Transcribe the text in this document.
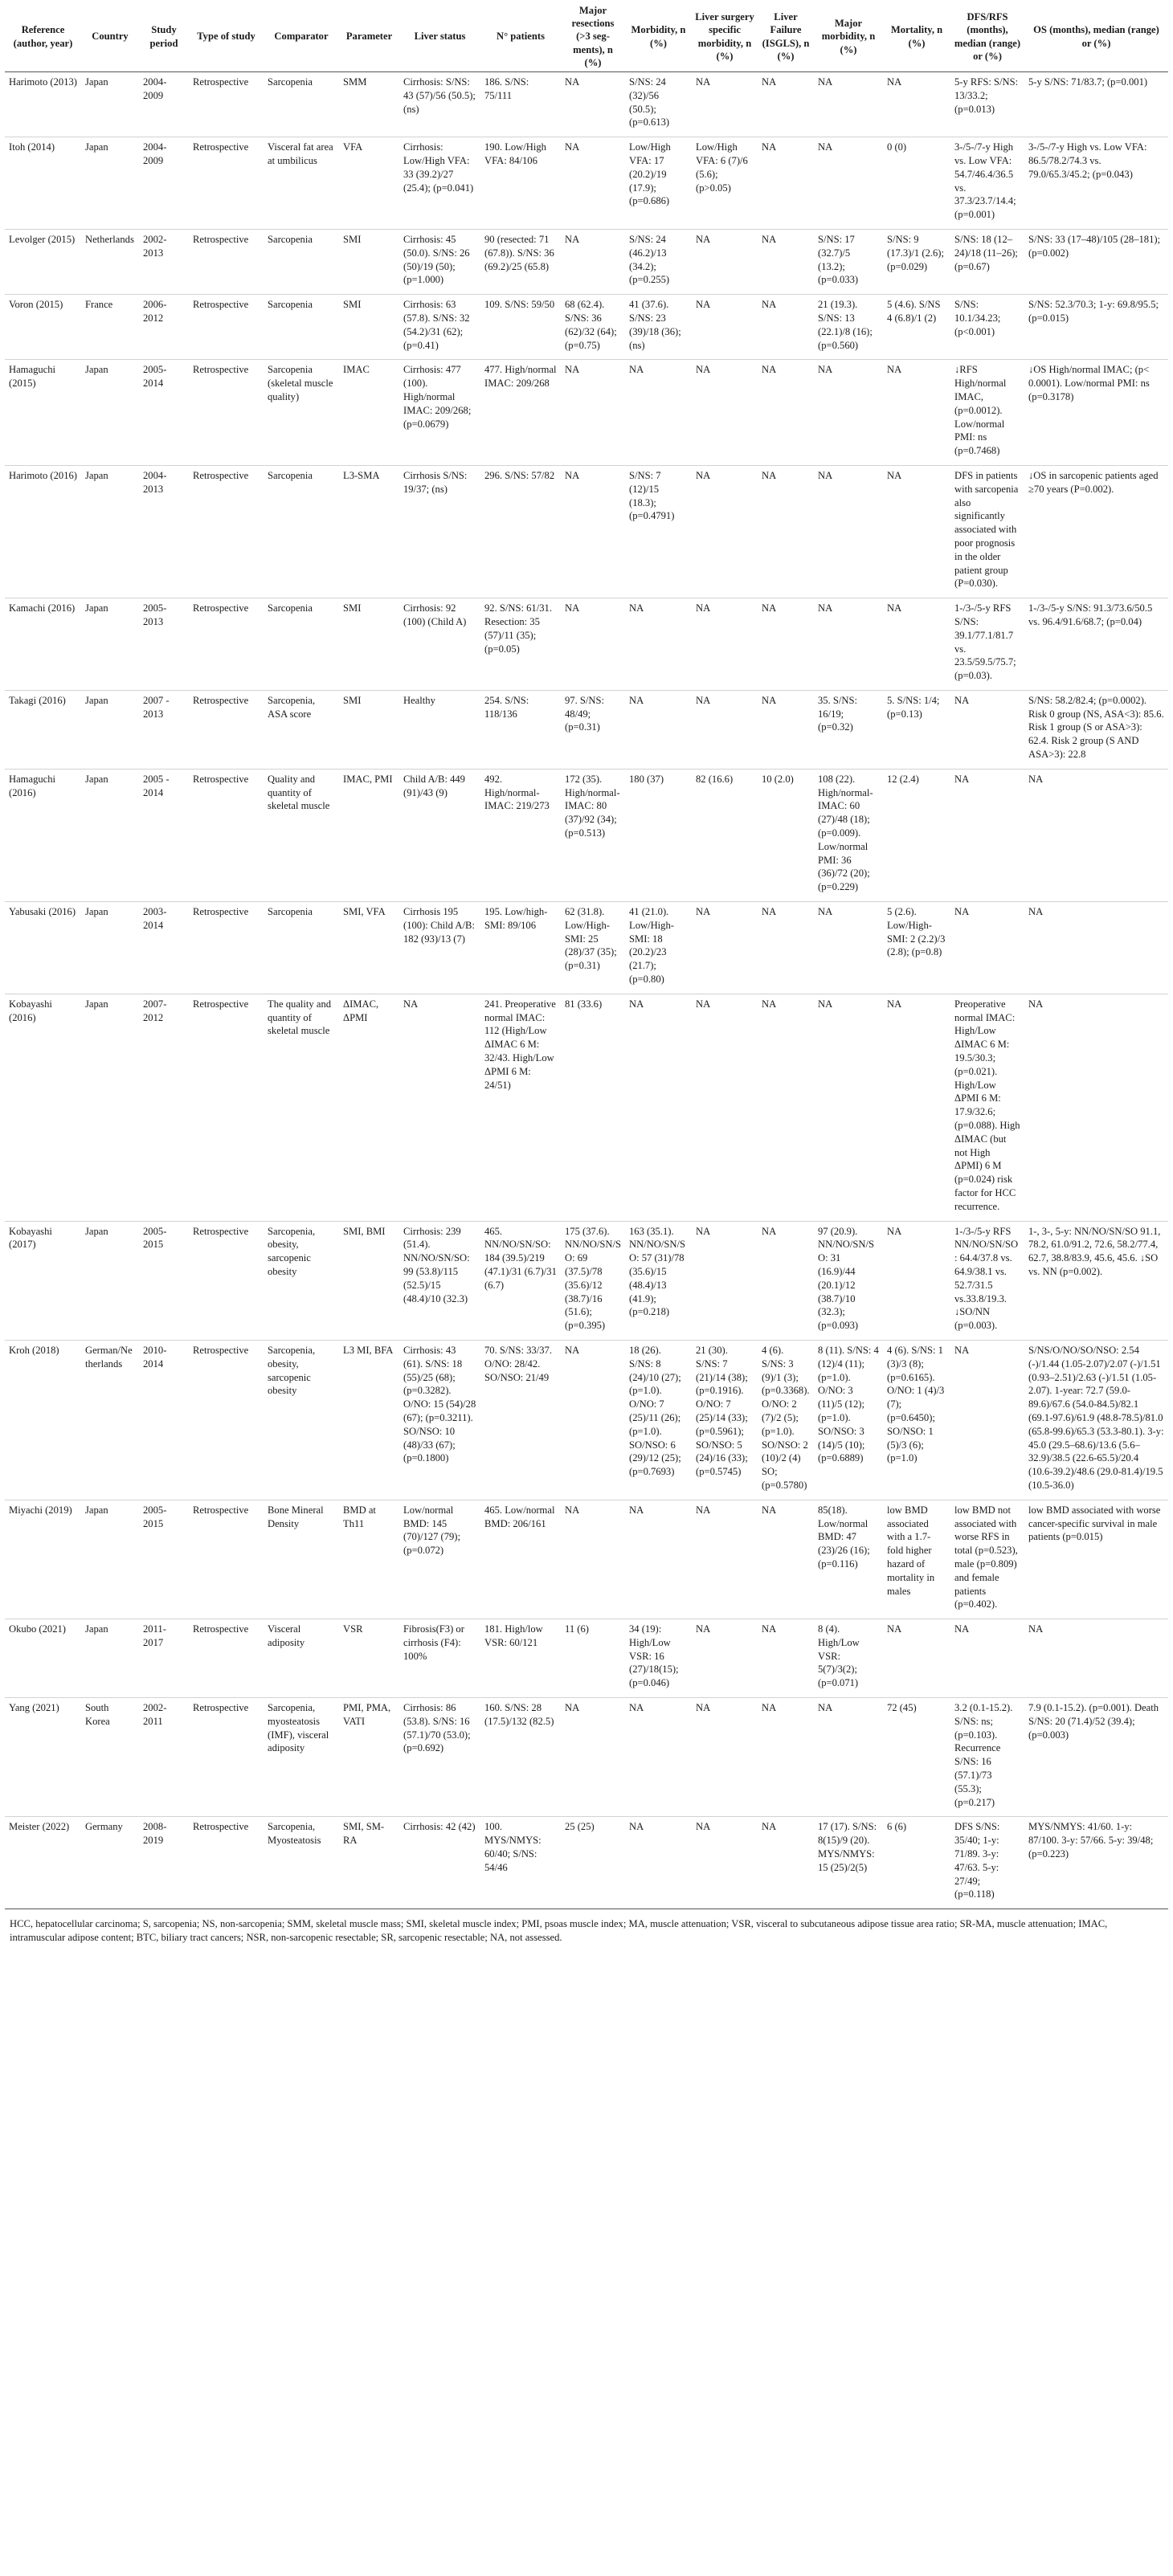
Reference (author, year)	Country	Study period	Type of study	Comparator	Parameter	Liver status	N° patients	Major resections (>3 seg-ments), n (%)	Morbidity, n (%)	Liver surgery specific morbidity, n (%)	Liver Failure (ISGLS), n (%)	Major morbidity, n (%)	Mortality, n (%)	DFS/RFS (months), median (range) or (%)	OS (months), median (range) or (%)
Harimoto (2013)	Japan	2004-2009	Retrospective	Sarcopenia	SMM	Cirrhosis: S/NS: 43 (57)/56 (50.5); (ns)	186. S/NS: 75/111	NA	S/NS: 24 (32)/56 (50.5); (p=0.613)	NA	NA	NA	NA	5-y RFS: S/NS: 13/33.2; (p=0.013)	5-y S/NS: 71/83.7; (p=0.001)
Itoh (2014)	Japan	2004-2009	Retrospective	Visceral fat area at umbilicus	VFA	Cirrhosis: Low/High VFA: 33 (39.2)/27 (25.4); (p=0.041)	190. Low/High VFA: 84/106	NA	Low/High VFA: 17 (20.2)/19 (17.9); (p=0.686)	Low/High VFA: 6 (7)/6 (5.6); (p>0.05)	NA	NA	0 (0)	3-/5-/7-y High vs. Low VFA: 54.7/46.4/36.5 vs. 37.3/23.7/14.4; (p=0.001)	3-/5-/7-y High vs. Low VFA: 86.5/78.2/74.3 vs. 79.0/65.3/45.2; (p=0.043)
Levolger (2015)	Netherlands	2002-2013	Retrospective	Sarcopenia	SMI	Cirrhosis: 45 (50.0). S/NS: 26 (50)/19 (50); (p=1.000)	90 (resected: 71 (67.8)). S/NS: 36 (69.2)/25 (65.8)	NA	S/NS: 24 (46.2)/13 (34.2); (p=0.255)	NA	NA	S/NS: 17 (32.7)/5 (13.2); (p=0.033)	S/NS: 9 (17.3)/1 (2.6); (p=0.029)	S/NS: 18 (12–24)/18 (11–26); (p=0.67)	S/NS: 33 (17–48)/105 (28–181); (p=0.002)
Voron (2015)	France	2006-2012	Retrospective	Sarcopenia	SMI	Cirrhosis: 63 (57.8). S/NS: 32 (54.2)/31 (62); (p=0.41)	109. S/NS: 59/50	68 (62.4). S/NS: 36 (62)/32 (64); (p=0.75)	41 (37.6). S/NS: 23 (39)/18 (36); (ns)	NA	NA	21 (19.3). S/NS: 13 (22.1)/8 (16); (p=0.560)	5 (4.6). S/NS 4 (6.8)/1 (2)	S/NS: 10.1/34.23; (p<0.001)	S/NS: 52.3/70.3; 1-y: 69.8/95.5; (p=0.015)
Hamaguchi (2015)	Japan	2005-2014	Retrospective	Sarcopenia (skeletal muscle quality)	IMAC	Cirrhosis: 477 (100). High/normal IMAC: 209/268; (p=0.0679)	477. High/normal IMAC: 209/268	NA	NA	NA	NA	NA	NA	↓RFS High/normal IMAC, (p=0.0012). Low/normal PMI: ns (p=0.7468)	↓OS High/normal IMAC; (p< 0.0001). Low/normal PMI: ns (p=0.3178)
Harimoto (2016)	Japan	2004-2013	Retrospective	Sarcopenia	L3-SMA	Cirrhosis S/NS: 19/37; (ns)	296. S/NS: 57/82	NA	S/NS: 7 (12)/15 (18.3); (p=0.4791)	NA	NA	NA	NA	DFS in patients with sarcopenia also significantly associated with poor prognosis in the older patient group (P=0.030).	↓OS in sarcopenic patients aged ≥70 years (P=0.002).
Kamachi (2016)	Japan	2005-2013	Retrospective	Sarcopenia	SMI	Cirrhosis: 92 (100) (Child A)	92. S/NS: 61/31. Resection: 35 (57)/11 (35); (p=0.05)	NA	NA	NA	NA	NA	NA	1-/3-/5-y RFS S/NS: 39.1/77.1/81.7 vs. 23.5/59.5/75.7; (p=0.03).	1-/3-/5-y S/NS: 91.3/73.6/50.5 vs. 96.4/91.6/68.7; (p=0.04)
Takagi (2016)	Japan	2007 - 2013	Retrospective	Sarcopenia, ASA score	SMI	Healthy	254. S/NS: 118/136	97. S/NS: 48/49; (p=0.31)	NA	NA	NA	35. S/NS: 16/19; (p=0.32)	5. S/NS: 1/4; (p=0.13)	NA	S/NS: 58.2/82.4; (p=0.0002). Risk 0 group (NS, ASA<3): 85.6. Risk 1 group (S or ASA>3): 62.4. Risk 2 group (S AND ASA>3): 22.8
Hamaguchi (2016)	Japan	2005 - 2014	Retrospective	Quality and quantity of skeletal muscle	IMAC, PMI	Child A/B: 449 (91)/43 (9)	492. High/normal-IMAC: 219/273	172 (35). High/normal-IMAC: 80 (37)/92 (34); (p=0.513)	180 (37)	82 (16.6)	10 (2.0)	108 (22). High/normal-IMAC: 60 (27)/48 (18); (p=0.009). Low/normal PMI: 36 (36)/72 (20); (p=0.229)	12 (2.4)	NA	NA
Yabusaki (2016)	Japan	2003-2014	Retrospective	Sarcopenia	SMI, VFA	Cirrhosis 195 (100): Child A/B: 182 (93)/13 (7)	195. Low/high-SMI: 89/106	62 (31.8). Low/High-SMI: 25 (28)/37 (35); (p=0.31)	41 (21.0). Low/High-SMI: 18 (20.2)/23 (21.7); (p=0.80)	NA	NA	NA	5 (2.6). Low/High-SMI: 2 (2.2)/3 (2.8); (p=0.8)	NA	NA
Kobayashi (2016)	Japan	2007-2012	Retrospective	The quality and quantity of skeletal muscle	ΔIMAC, ΔPMI	NA	241. Preoperative normal IMAC: 112 (High/Low ΔIMAC 6 M: 32/43. High/Low ΔPMI 6 M: 24/51)	81 (33.6)	NA	NA	NA	NA	NA	Preoperative normal IMAC: High/Low ΔIMAC 6 M: 19.5/30.3; (p=0.021). High/Low ΔPMI 6 M: 17.9/32.6; (p=0.088). High ΔIMAC (but not High ΔPMI) 6 M (p=0.024) risk factor for HCC recurrence.	NA
Kobayashi (2017)	Japan	2005-2015	Retrospective	Sarcopenia, obesity, sarcopenic obesity	SMI, BMI	Cirrhosis: 239 (51.4). NN/NO/SN/SO: 99 (53.8)/115 (52.5)/15 (48.4)/10 (32.3)	465. NN/NO/SN/SO: 184 (39.5)/219 (47.1)/31 (6.7)/31 (6.7)	175 (37.6). NN/NO/SN/SO: 69 (37.5)/78 (35.6)/12 (38.7)/16 (51.6); (p=0.395)	163 (35.1). NN/NO/SN/SO: 57 (31)/78 (35.6)/15 (48.4)/13 (41.9); (p=0.218)	NA	NA	97 (20.9). NN/NO/SN/SO: 31 (16.9)/44 (20.1)/12 (38.7)/10 (32.3); (p=0.093)	NA	1-/3-/5-y RFS NN/NO/SN/SO: 64.4/37.8 vs. 64.9/38.1 vs. 52.7/31.5 vs.33.8/19.3. ↓SO/NN (p=0.003).	1-, 3-, 5-y: NN/NO/SN/SO 91.1, 78.2, 61.0/91.2, 72.6, 58.2/77.4, 62.7, 38.8/83.9, 45.6, 45.6. ↓SO vs. NN (p=0.002).
Kroh (2018)	German/Netherlands	2010-2014	Retrospective	Sarcopenia, obesity, sarcopenic obesity	L3 MI, BFA	Cirrhosis: 43 (61). S/NS: 18 (55)/25 (68); (p=0.3282). O/NO: 15 (54)/28 (67); (p=0.3211). SO/NSO: 10 (48)/33 (67); (p=0.1800)	70. S/NS: 33/37. O/NO: 28/42. SO/NSO: 21/49	NA	18 (26). S/NS: 8 (24)/10 (27); (p=1.0). O/NO: 7 (25)/11 (26); (p=1.0). SO/NSO: 6 (29)/12 (25); (p=0.7693)	21 (30). S/NS: 7 (21)/14 (38); (p=0.1916). O/NO: 7 (25)/14 (33); (p=0.5961); SO/NSO: 5 (24)/16 (33); (p=0.5745)	4 (6). S/NS: 3 (9)/1 (3); (p=0.3368). O/NO: 2 (7)/2 (5); (p=1.0). SO/NSO: 2 (10)/2 (4) SO; (p=0.5780)	8 (11). S/NS: 4 (12)/4 (11); (p=1.0). O/NO: 3 (11)/5 (12); (p=1.0). SO/NSO: 3 (14)/5 (10); (p=0.6889)	4 (6). S/NS: 1 (3)/3 (8); (p=0.6165). O/NO: 1 (4)/3 (7); (p=0.6450); SO/NSO: 1 (5)/3 (6); (p=1.0)	NA	S/NS/O/NO/SO/NSO: 2.54 (-)/1.44 (1.05-2.07)/2.07 (-)/1.51 (0.93–2.51)/2.63 (-)/1.51 (1.05-2.07). 1-year: 72.7 (59.0-89.6)/67.6 (54.0-84.5)/82.1 (69.1-97.6)/61.9 (48.8-78.5)/81.0 (65.8-99.6)/65.3 (53.3-80.1). 3-y: 45.0 (29.5–68.6)/13.6 (5.6–32.9)/38.5 (22.6-65.5)/20.4 (10.6-39.2)/48.6 (29.0-81.4)/19.5 (10.5-36.0)
Miyachi (2019)	Japan	2005-2015	Retrospective	Bone Mineral Density	BMD at Th11	Low/normal BMD: 145 (70)/127 (79); (p=0.072)	465. Low/normal BMD: 206/161	NA	NA	NA	NA	85(18). Low/normal BMD: 47 (23)/26 (16); (p=0.116)	low BMD associated with a 1.7-fold higher hazard of mortality in males	low BMD not associated with worse RFS in total (p=0.523), male (p=0.809) and female patients (p=0.402).	low BMD associated with worse cancer-specific survival in male patients (p=0.015)
Okubo (2021)	Japan	2011-2017	Retrospective	Visceral adiposity	VSR	Fibrosis(F3) or cirrhosis (F4): 100%	181. High/low VSR: 60/121	11 (6)	34 (19): High/Low VSR: 16 (27)/18(15); (p=0.046)	NA	NA	8 (4). High/Low VSR: 5(7)/3(2); (p=0.071)	NA	NA	NA
Yang (2021)	South Korea	2002-2011	Retrospective	Sarcopenia, myosteatosis (IMF), visceral adiposity	PMI, PMA, VATI	Cirrhosis: 86 (53.8). S/NS: 16 (57.1)/70 (53.0); (p=0.692)	160. S/NS: 28 (17.5)/132 (82.5)	NA	NA	NA	NA	NA	72 (45)	3.2 (0.1-15.2). S/NS: ns; (p=0.103). Recurrence S/NS: 16 (57.1)/73 (55.3); (p=0.217)	7.9 (0.1-15.2). (p=0.001). Death S/NS: 20 (71.4)/52 (39.4); (p=0.003)
Meister (2022)	Germany	2008-2019	Retrospective	Sarcopenia, Myosteatosis	SMI, SM-RA	Cirrhosis: 42 (42)	100. MYS/NMYS: 60/40; S/NS: 54/46	25 (25)	NA	NA	NA	17 (17). S/NS: 8(15)/9 (20). MYS/NMYS: 15 (25)/2(5)	6 (6)	DFS S/NS: 35/40; 1-y: 71/89. 3-y: 47/63. 5-y: 27/49; (p=0.118)	MYS/NMYS: 41/60. 1-y: 87/100. 3-y: 57/66. 5-y: 39/48; (p=0.223)
HCC, hepatocellular carcinoma; S, sarcopenia; NS, non-sarcopenia; SMM, skeletal muscle mass; SMI, skeletal muscle index; PMI, psoas muscle index; MA, muscle attenuation; VSR, visceral to subcutaneous adipose tissue area ratio; SR-MA, muscle attenuation; IMAC, intramuscular adipose content; BTC, biliary tract cancers; NSR, non-sarcopenic resectable; SR, sarcopenic resectable; NA, not assessed.
